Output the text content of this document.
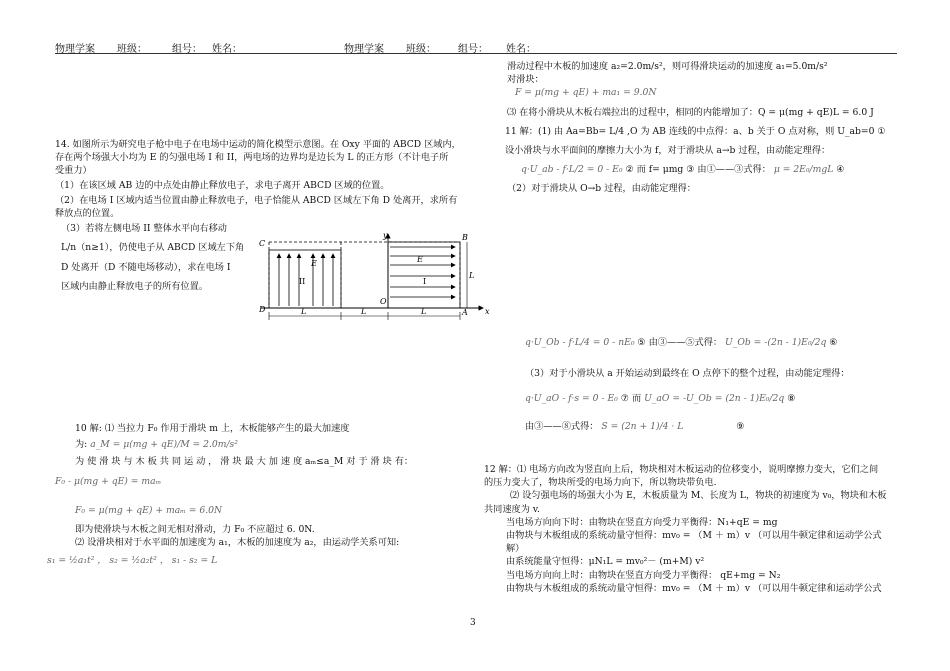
物理学案 班级：	组号： 姓名：	物理学案 班级： 组号： 姓名：

14. 如图所示为研究电子枪中电子在电场中运动的简化模型示意图。在 Oxy 平面的 ABCD 区域内，

存在两个场强大小均为 E 的匀强电场 I 和 II，两电场的边界均是边长为 L 的正方形（不计电子所

受重力）

（1）在该区域 AB 边的中点处由静止释放电子，求电子离开 ABCD 区域的位置。

（2）在电场 I 区域内适当位置由静止释放电子，电子恰能从 ABCD 区域左下角 D 处离开，求所有

释放点的位置。

（3）若将左侧电场 II 整体水平向右移动

L/n（n≥1），仍使电子从 ABCD 区域左下角

D 处离开（D 不随电场移动），求在电场 I

区域内由静止释放电子的所有位置。

C
D
B
A
O
y
x
E	E
L
L	L	L
II	I

10 解: ⑴ 当拉力 F₀ 作用于滑块 m 上，木板能够产生的最大加速度

为: a_M = μ(mg + qE)/M = 2.0m/s²

为 使 滑 块 与 木 板 共 同 运 动 ， 滑 块 最 大 加 速 度 aₘ≤a_M 对 于 滑 块 有：

F₀ - μ(mg + qE) = maₘ

F₀ = μ(mg + qE) + maₘ = 6.0N

即为使滑块与木板之间无相对滑动，力 F₀ 不应超过 6. 0N.

⑵ 设滑块相对于水平面的加速度为 a₁，木板的加速度为 a₂，由运动学关系可知:

s₁ = ½a₁t² ， s₂ = ½a₂t² ， s₁ - s₂ = L

滑动过程中木板的加速度 a₂=2.0m/s²，则可得滑块运动的加速度 a₁=5.0m/s²

对滑块：

F = μ(mg + qE) + ma₁ = 9.0N

⑶ 在将小滑块从木板右端拉出的过程中，相同的内能增加了：Q = μ(mg + qE)L = 6.0 J

11 解：(1) 由 Aa=Bb= L/4 ,O 为 AB 连线的中点得：a、b 关于 O 点对称，则 U_ab=0 ①

设小滑块与水平面间的摩擦力大小为 f，对于滑块从 a→b 过程，由动能定理得：

q·U_ab - f·L/2 = 0 - E₀ ② 而 f= μmg ③ 由①——③式得： μ = 2E₀/mgL ④

（2）对于滑块从 O→b 过程，由动能定理得：

q·U_Ob - f·L/4 = 0 - nE₀ ⑤ 由③——⑤式得： U_Ob = -(2n - 1)E₀/2q ⑥

（3）对于小滑块从 a 开始运动到最终在 O 点停下的整个过程，由动能定理得：

q·U_aO - f·s = 0 - E₀ ⑦ 而 U_aO = -U_Ob = (2n - 1)E₀/2q ⑧

由③——⑧式得： S = (2n + 1)/4 · L	⑨

12 解：⑴ 电场方向改为竖直向上后，物块相对木板运动的位移变小，说明摩擦力变大，它们之间

的压力变大了，物块所受的电场力向下，所以物块带负电.

⑵ 设匀强电场的场强大小为 E，木板质量为 M、长度为 L，物块的初速度为 v₀，物块和木板

共同速度为 v.

当电场方向向下时：由物块在竖直方向受力平衡得：N₁+qE = mg

由物块与木板组成的系统动量守恒得：mv₀ = （M ＋ m）v （可以用牛顿定律和运动学公式

解）

由系统能量守恒得：μN₁L = mv₀²－ (m+M) v²

当电场方向向上时：由物块在竖直方向受力平衡得： qE+mg = N₂

由物块与木板组成的系统动量守恒得：mv₀ = （M ＋ m）v （可以用牛顿定律和运动学公式

3
